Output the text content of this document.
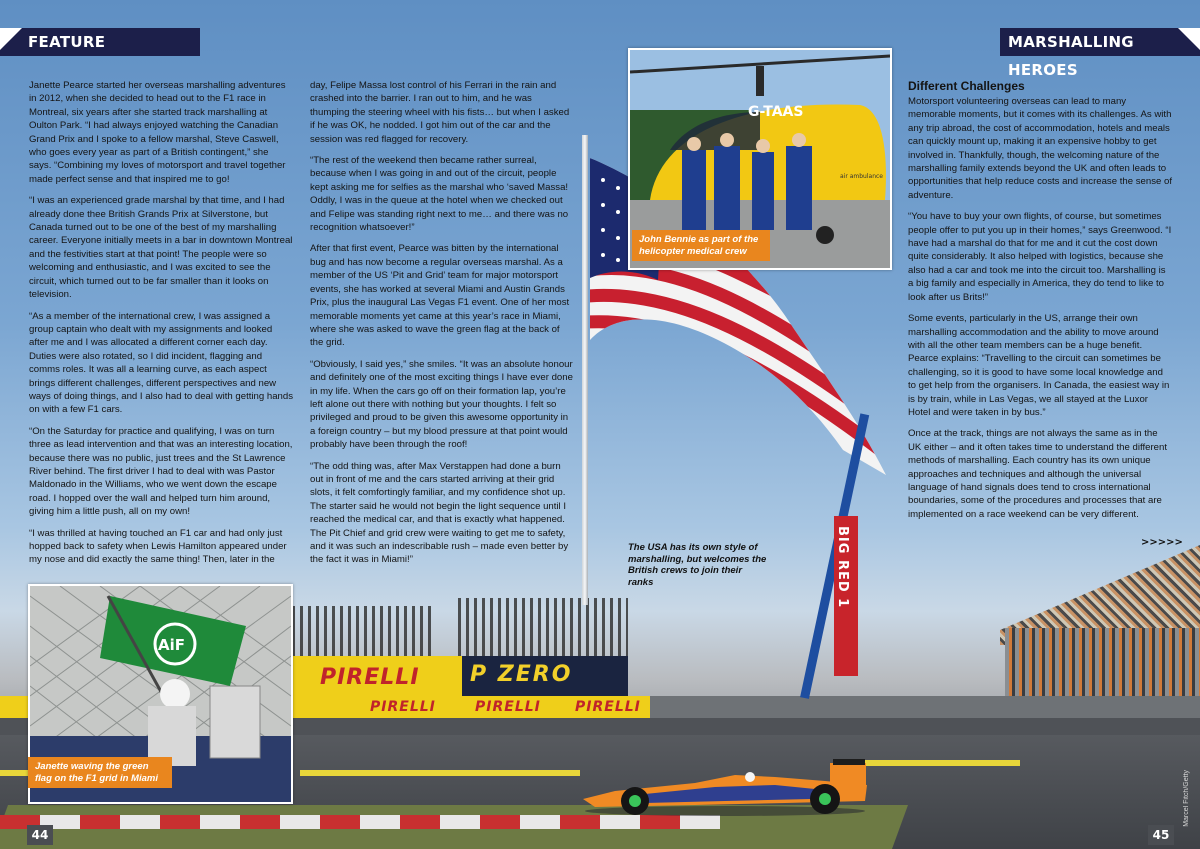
PIRELLI P ZERO
PIRELLI	PIRELLI PIRELLI
BIG RED 1
FEATURE	MARSHALLING HEROES

Janette Pearce started her overseas marshalling adventures in 2012, when she decided to head out to the F1 race in Montreal, six years after she started track marshalling at Oulton Park. “I had always enjoyed watching the Canadian Grand Prix and I spoke to a fellow marshal, Steve Caswell, who goes every year as part of a British contingent,” she says. “Combining my loves of motorsport and travel together made perfect sense and that inspired me to go!

“I was an experienced grade marshal by that time, and I had already done thee British Grands Prix at Silverstone, but Canada turned out to be one of the best of my marshalling career. Everyone initially meets in a bar in downtown Montreal and the festivities start at that point! The people were so welcoming and enthusiastic, and I was excited to see the circuit, which turned out to be far smaller than it looks on television.

“As a member of the international crew, I was assigned a group captain who dealt with my assignments and looked after me and I was allocated a different corner each day. Duties were also rotated, so I did incident, flagging and comms roles. It was all a learning curve, as each aspect brings different challenges, different perspectives and new ways of doing things, and I also had to deal with getting hands on with a few F1 cars.

“On the Saturday for practice and qualifying, I was on turn three as lead intervention and that was an interesting location, because there was no public, just trees and the St Lawrence River behind. The first driver I had to deal with was Pastor Maldonado in the Williams, who we went down the escape road. I hopped over the wall and helped turn him around, giving him a little push, all on my own!

“I was thrilled at having touched an F1 car and had only just hopped back to safety when Lewis Hamilton appeared under my nose and did exactly the same thing! Then, later in the

day, Felipe Massa lost control of his Ferrari in the rain and crashed into the barrier. I ran out to him, and he was thumping the steering wheel with his fists… but when I asked if he was OK, he nodded. I got him out of the car and the session was red flagged for recovery.

“The rest of the weekend then became rather surreal, because when I was going in and out of the circuit, people kept asking me for selfies as the marshal who ‘saved Massa! Oddly, I was in the queue at the hotel when we checked out and Felipe was standing right next to me… and there was no recognition whatsoever!”

After that first event, Pearce was bitten by the international bug and has now become a regular overseas marshal. As a member of the US ‘Pit and Grid’ team for major motorsport events, she has worked at several Miami and Austin Grands Prix, plus the inaugural Las Vegas F1 event. One of her most memorable moments yet came at this year’s race in Miami, where she was asked to wave the green flag at the back of the grid.

“Obviously, I said yes,” she smiles. “It was an absolute honour and definitely one of the most exciting things I have ever done in my life. When the cars go off on their formation lap, you’re left alone out there with nothing but your thoughts. I felt so privileged and proud to be given this awesome opportunity in a foreign country – but my blood pressure at that point would probably have been through the roof!

“The odd thing was, after Max Verstappen had done a burn out in front of me and the cars started arriving at their grid slots, it felt comfortingly familiar, and my confidence shot up. The starter said he would not begin the light sequence until I reached the medical car, and that is exactly what happened. The Pit Chief and grid crew were waiting to get me to safety, and it was such an indescribable rush – made even better by the fact it was in Miami!”

Different Challenges

Motorsport volunteering overseas can lead to many memorable moments, but it comes with its challenges. As with any trip abroad, the cost of accommodation, hotels and meals can quickly mount up, making it an expensive hobby to get involved in. Thankfully, though, the welcoming nature of the marshalling family extends beyond the UK and often leads to opportunities that help reduce costs and increase the sense of adventure.

“You have to buy your own flights, of course, but sometimes people offer to put you up in their homes,” says Greenwood. “I have had a marshal do that for me and it cut the cost down quite considerably. It also helped with logistics, because she also had a car and took me into the circuit too. Marshalling is a big family and especially in America, they do tend to like to look after us Brits!”

Some events, particularly in the US, arrange their own marshalling accommodation and the ability to move around with all the other team members can be a huge benefit. Pearce explains: “Travelling to the circuit can sometimes be challenging, so it is good to have some local knowledge and to get help from the organisers. In Canada, the easiest way in is by train, while in Las Vegas, we all stayed at the Luxor Hotel and were taken in by bus.”

Once at the track, things are not always the same as in the UK either – and it often takes time to understand the different methods of marshalling. Each country has its own unique approaches and techniques and although the universal language of hand signals does tend to cross international boundaries, some of the procedures and processes that are implemented on a race weekend can be very different.

>>>>>
G-TAAS
air ambulance
John Bennie as part of the helicopter medical crew
The USA has its own style of marshalling, but welcomes the British crews to join their ranks
AiF
Janette waving the green flag on the F1 grid in Miami
44	45
Marcel Fitch/Getty
